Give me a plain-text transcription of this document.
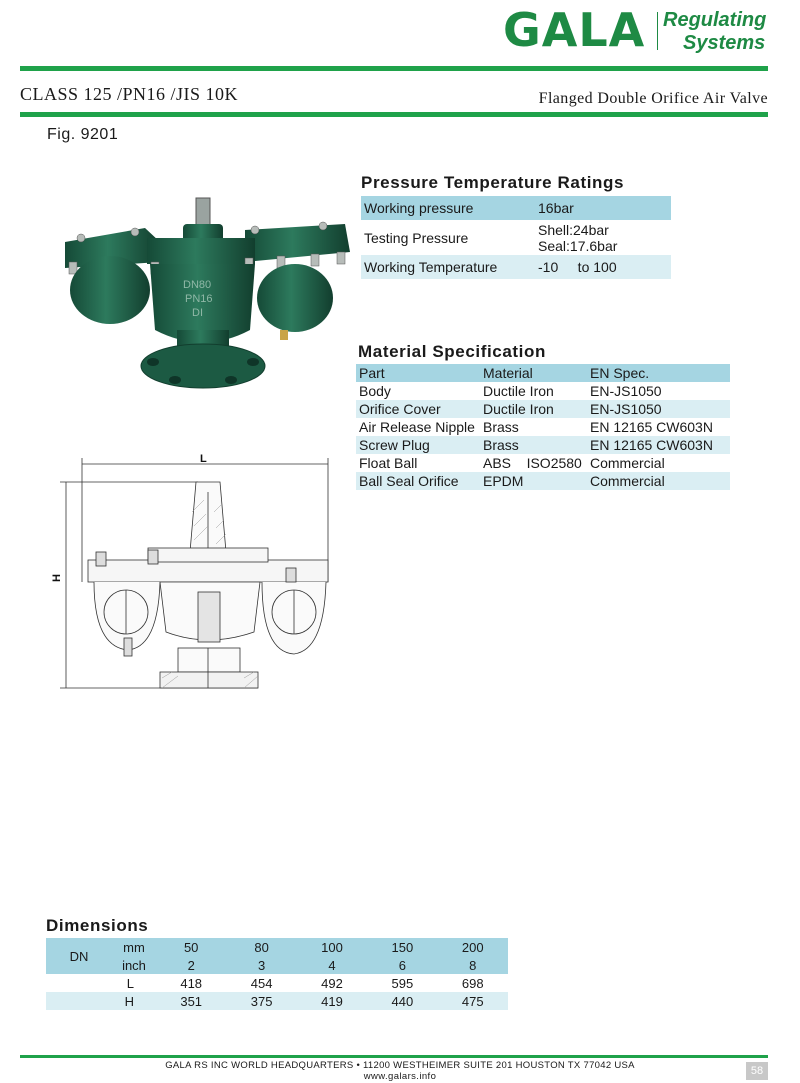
GALA Regulating
Systems
CLASS 125 /PN16 /JIS 10K	Flanged Double Orifice Air Valve
Fig. 9201
DN80
PN16
DI
L
H
Pressure Temperature Ratings
Working pressure	16bar
Testing Pressure	Shell:24bar
Seal:17.6bar

Working Temperature	-10     to 100
Material Specification
Part	Material	EN Spec.
Body	Ductile Iron	EN-JS1050
Orifice Cover	Ductile Iron	EN-JS1050
Air Release Nipple	Brass	EN 12165 CW603N
Screw Plug	Brass	EN 12165 CW603N
Float Ball	ABS    ISO2580	Commercial
Ball Seal Orifice	EPDM	Commercial
Dimensions
DN	mm	50	80	100	150	200
	inch	2	3	4	6	8
L		418	454	492	595	698
H		351	375	419	440	475
GALA RS INC WORLD HEADQUARTERS • 11200 WESTHEIMER SUITE 201 HOUSTON TX 77042 USA
www.galars.info	58
